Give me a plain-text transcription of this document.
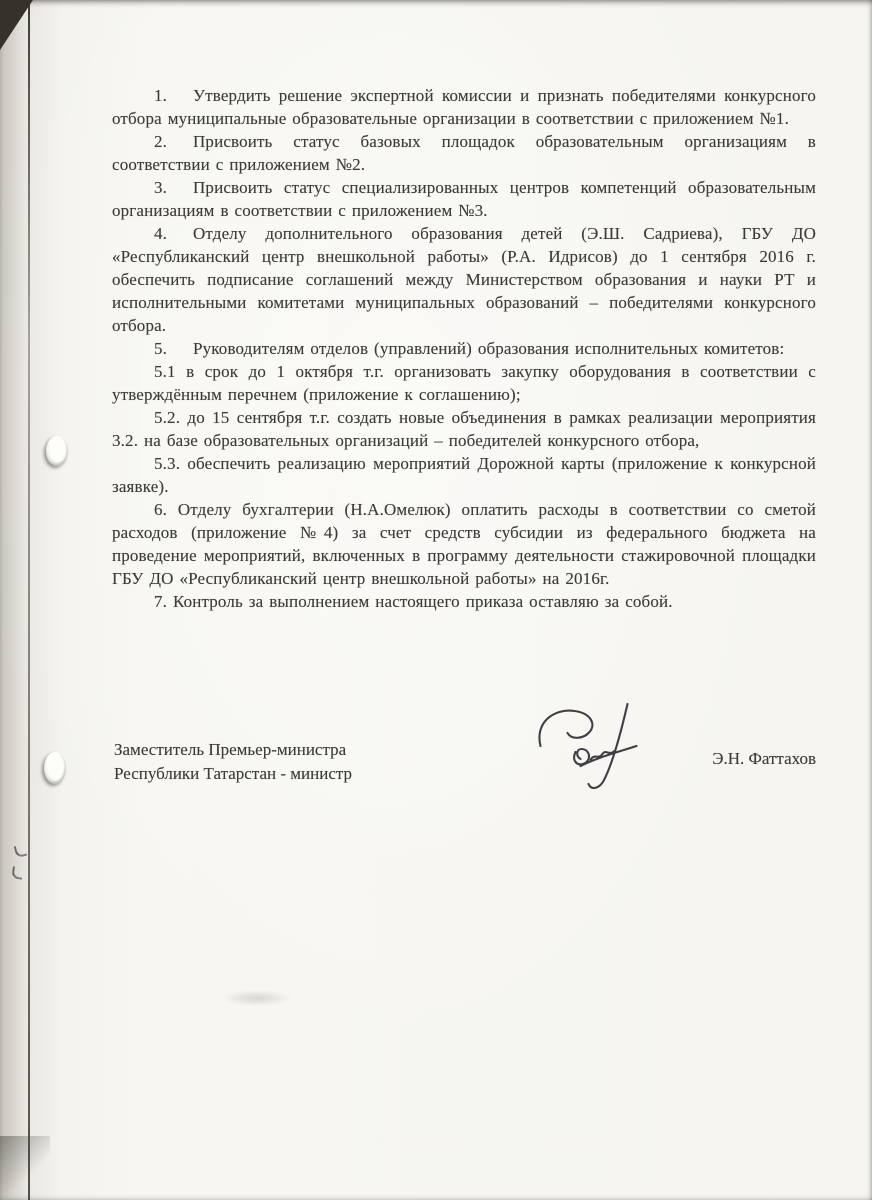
1.   Утвердить решение экспертной комиссии и признать победителями конкурсного отбора муниципальные образовательные организации в соответствии с приложением №1.

2.   Присвоить статус базовых площадок образовательным организациям в соответствии с приложением №2.

3.   Присвоить статус специализированных центров компетенций образовательным организациям в соответствии с приложением №3.

4.   Отделу дополнительного образования детей (Э.Ш. Садриева), ГБУ ДО «Республиканский центр внешкольной работы» (Р.А. Идрисов) до 1 сентября 2016 г. обеспечить подписание соглашений между Министерством образования и науки РТ и исполнительными комитетами муниципальных образований – победителями конкурсного отбора.

5.   Руководителям отделов (управлений) образования исполнительных комитетов:

5.1 в срок до 1 октября т.г. организовать закупку оборудования в соответствии с утверждённым перечнем (приложение к соглашению);

5.2. до 15 сентября т.г. создать новые объединения в рамках реализации мероприятия 3.2. на базе образовательных организаций – победителей конкурсного отбора,

5.3. обеспечить реализацию мероприятий Дорожной карты (приложение к конкурсной заявке).

6. Отделу бухгалтерии (Н.А.Омелюк) оплатить расходы в соответствии со сметой расходов (приложение №4) за счет средств субсидии из федерального бюджета на проведение мероприятий, включенных в программу деятельности стажировочной площадки ГБУ ДО «Республиканский центр внешкольной работы» на 2016г.

7. Контроль за выполнением настоящего приказа оставляю за собой.

Заместитель Премьер-министра
Республики Татарстан - министр
Э.Н. Фаттахов
